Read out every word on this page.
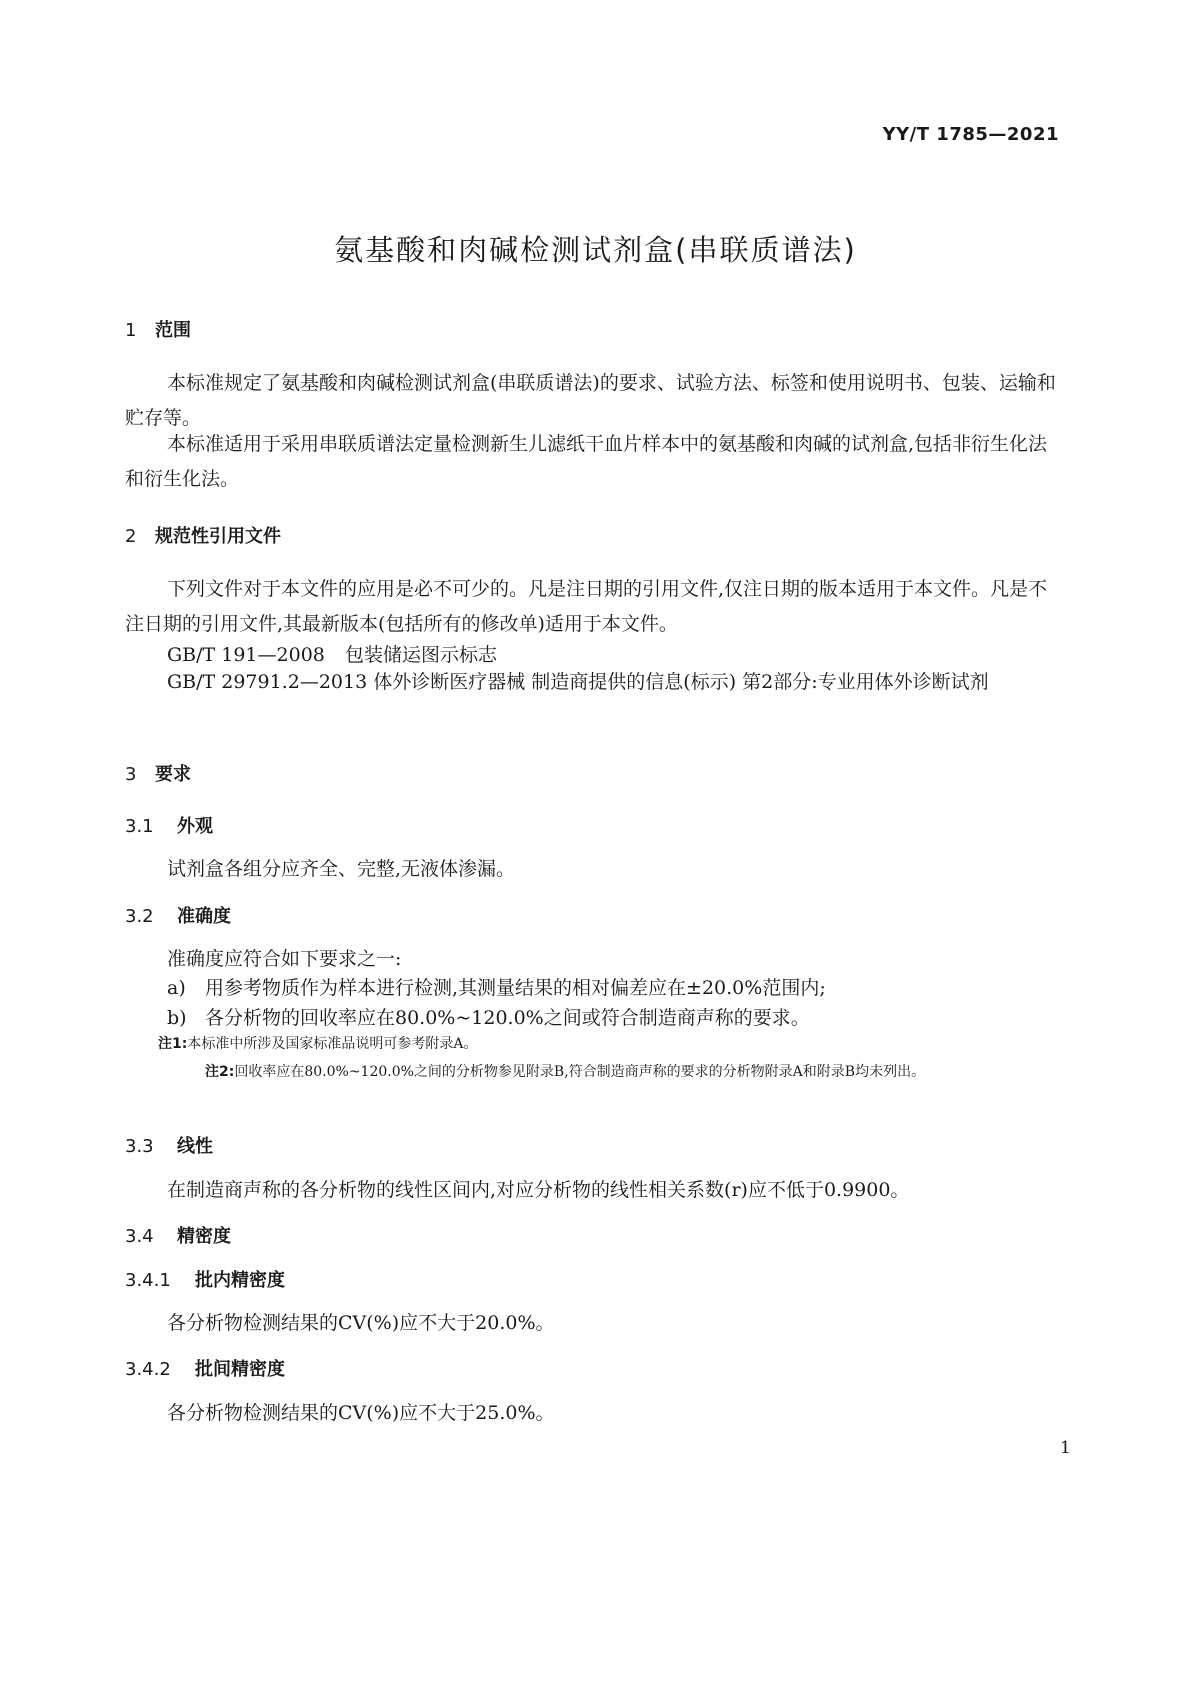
YY/T 1785—2021
氨基酸和肉碱检测试剂盒(串联质谱法)
1 范围
本标准规定了氨基酸和肉碱检测试剂盒(串联质谱法)的要求、试验方法、标签和使用说明书、包装、运输和贮存等。
本标准适用于采用串联质谱法定量检测新生儿滤纸干血片样本中的氨基酸和肉碱的试剂盒,包括非衍生化法和衍生化法。
2 规范性引用文件
下列文件对于本文件的应用是必不可少的。凡是注日期的引用文件,仅注日期的版本适用于本文件。凡是不注日期的引用文件,其最新版本(包括所有的修改单)适用于本文件。
GB/T 191—2008 包装储运图示标志
GB/T 29791.2—2013 体外诊断医疗器械 制造商提供的信息(标示) 第2部分:专业用体外诊断试剂
3 要求
3.1 外观
试剂盒各组分应齐全、完整,无液体渗漏。
3.2 准确度
准确度应符合如下要求之一:
a) 用参考物质作为样本进行检测,其测量结果的相对偏差应在±20.0%范围内;
b) 各分析物的回收率应在80.0%~120.0%之间或符合制造商声称的要求。
注1:本标准中所涉及国家标准品说明可参考附录A。
注2:回收率应在80.0%~120.0%之间的分析物参见附录B,符合制造商声称的要求的分析物附录A和附录B均未列出。
3.3 线性
在制造商声称的各分析物的线性区间内,对应分析物的线性相关系数(r)应不低于0.9900。
3.4 精密度
3.4.1 批内精密度
各分析物检测结果的CV(%)应不大于20.0%。
3.4.2 批间精密度
各分析物检测结果的CV(%)应不大于25.0%。
1
